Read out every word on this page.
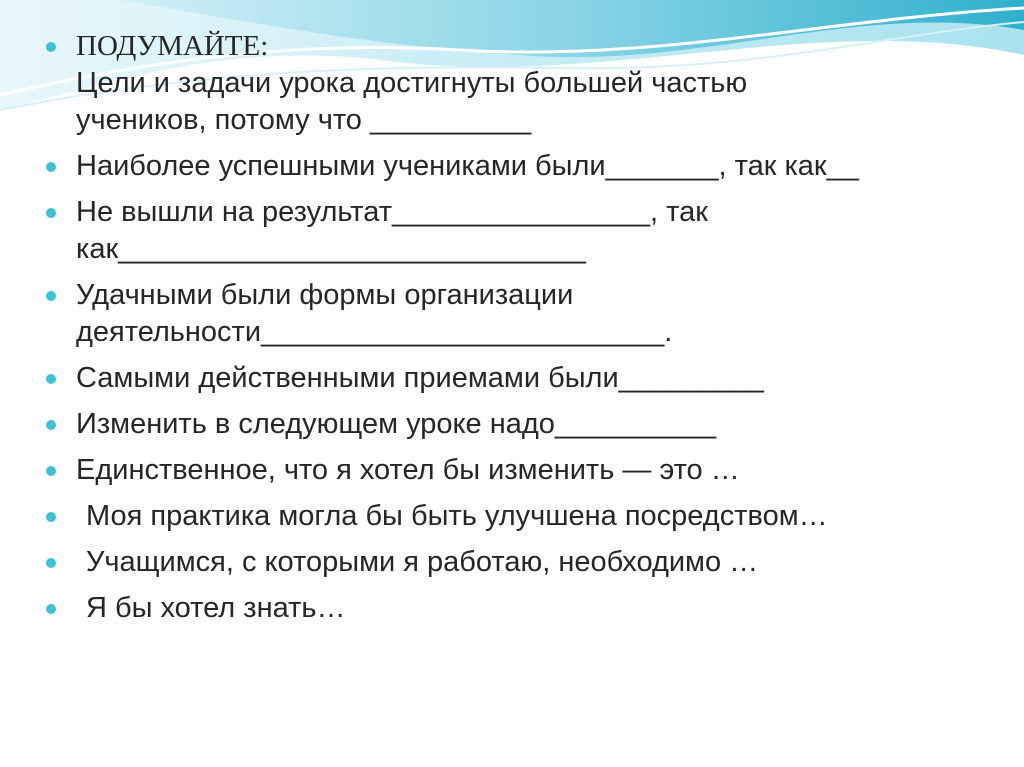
ПОДУМАЙТЕ:
Цели и задачи урока достигнуты большей частью
учеников, потому что __________
Наиболее успешными учениками были_______, так как__
Не вышли на результат________________, так
как_____________________________
Удачными были формы организации
деятельности_________________________.
Самыми действенными приемами были_________
Изменить в следующем уроке надо__________
Единственное, что я хотел бы изменить — это …
Моя практика могла бы быть улучшена посредством…
Учащимся, с которыми я работаю, необходимо …
Я бы хотел знать…
